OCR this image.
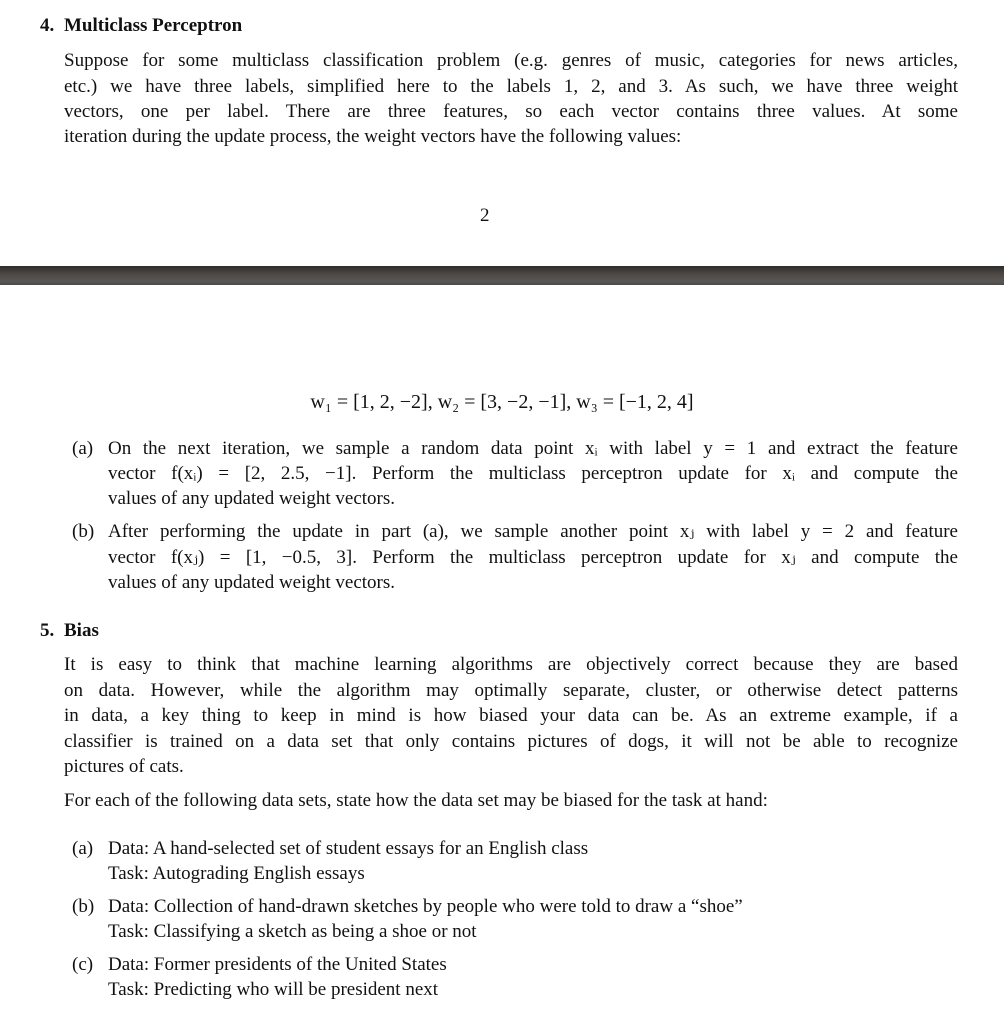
4. Multiclass Perceptron
Suppose for some multiclass classification problem (e.g. genres of music, categories for news articles,
etc.) we have three labels, simplified here to the labels 1, 2, and 3. As such, we have three weight
vectors, one per label. There are three features, so each vector contains three values. At some
iteration during the update process, the weight vectors have the following values:
2
w₁ = [1, 2, −2], w₂ = [3, −2, −1], w₃ = [−1, 2, 4]
(a) On the next iteration, we sample a random data point xᵢ with label y = 1 and extract the feature
vector f(xᵢ) = [2, 2.5, −1]. Perform the multiclass perceptron update for xᵢ and compute the
values of any updated weight vectors.
(b) After performing the update in part (a), we sample another point xⱼ with label y = 2 and feature
vector f(xⱼ) = [1, −0.5, 3]. Perform the multiclass perceptron update for xⱼ and compute the
values of any updated weight vectors.
5. Bias
It is easy to think that machine learning algorithms are objectively correct because they are based
on data. However, while the algorithm may optimally separate, cluster, or otherwise detect patterns
in data, a key thing to keep in mind is how biased your data can be. As an extreme example, if a
classifier is trained on a data set that only contains pictures of dogs, it will not be able to recognize
pictures of cats.
For each of the following data sets, state how the data set may be biased for the task at hand:
(a) Data: A hand-selected set of student essays for an English class
Task: Autograding English essays
(b) Data: Collection of hand-drawn sketches by people who were told to draw a “shoe”
Task: Classifying a sketch as being a shoe or not
(c) Data: Former presidents of the United States
Task: Predicting who will be president next
